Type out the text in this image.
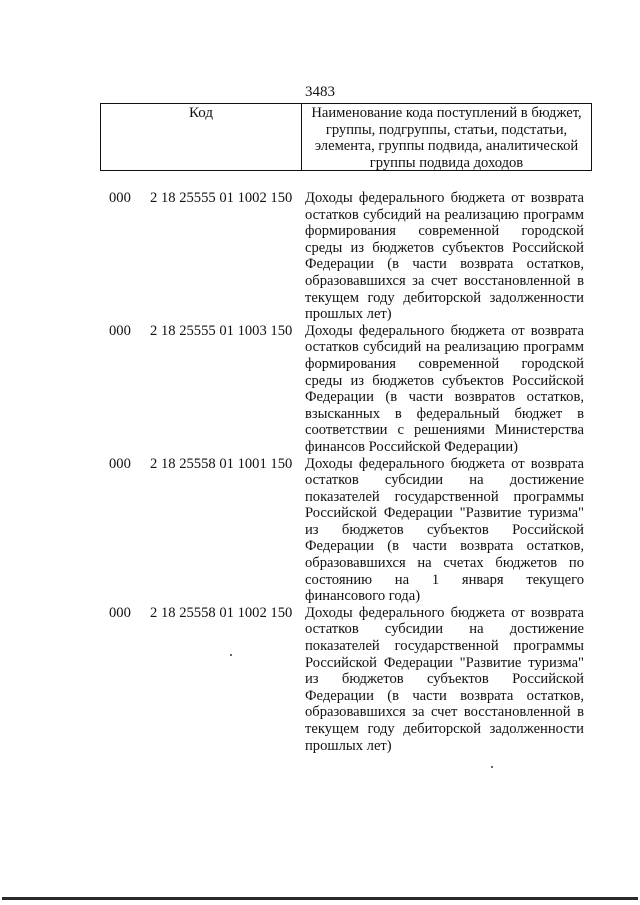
3483
Код	Наименование кода поступлений в бюджет, группы, подгруппы, статьи, подстатьи, элемента, группы подвида, аналитической группы подвида доходов
000 2 18 25555 01 1002 150 Доходы федерального бюджета от возврата остатков субсидий на реализацию программ формирования современной городской среды из бюджетов субъектов Российской Федерации (в части возврата остатков, образовавшихся за счет восстановленной в текущем году дебиторской задолженности прошлых лет)
000 2 18 25555 01 1003 150 Доходы федерального бюджета от возврата остатков субсидий на реализацию программ формирования современной городской среды из бюджетов субъектов Российской Федерации (в части возвратов остатков, взысканных в федеральный бюджет в соответствии с решениями Министерства финансов Российской Федерации)
000 2 18 25558 01 1001 150 Доходы федерального бюджета от возврата остатков субсидии на достижение показателей государственной программы Российской Федерации "Развитие туризма" из бюджетов субъектов Российской Федерации (в части возврата остатков, образовавшихся на счетах бюджетов по состоянию на 1 января текущего финансового года)
000 2 18 25558 01 1002 150 Доходы федерального бюджета от возврата остатков субсидии на достижение показателей государственной программы Российской Федерации "Развитие туризма" из бюджетов субъектов Российской Федерации (в части возврата остатков, образовавшихся за счет восстановленной в текущем году дебиторской задолженности прошлых лет)
